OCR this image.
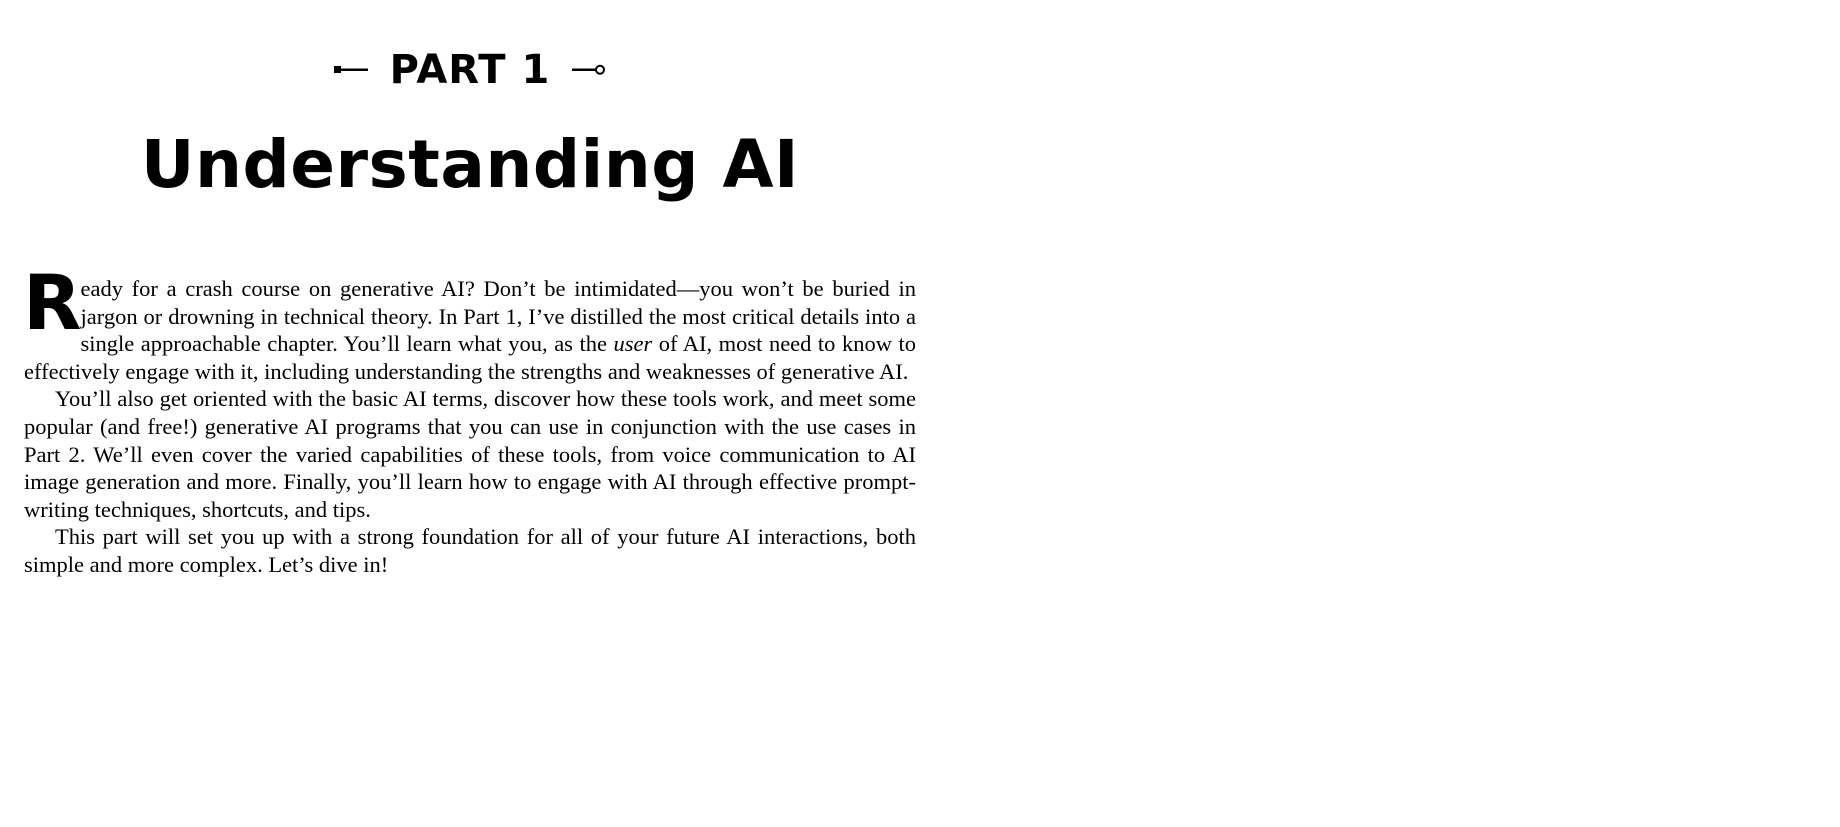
PART 1
Understanding AI

Ready for a crash course on generative AI? Don’t be intimidated—you won’t be buried in jargon or drowning in technical theory. In Part 1, I’ve distilled the most critical details into a single approachable chapter. You’ll learn what you, as the user of AI, most need to know to effectively engage with it, including understanding the strengths and weaknesses of generative AI.

You’ll also get oriented with the basic AI terms, discover how these tools work, and meet some popular (and free!) generative AI programs that you can use in conjunction with the use cases in Part 2. We’ll even cover the varied capabilities of these tools, from voice communication to AI image generation and more. Finally, you’ll learn how to engage with AI through effective prompt-writing techniques, shortcuts, and tips.

This part will set you up with a strong foundation for all of your future AI interactions, both simple and more complex. Let’s dive in!
